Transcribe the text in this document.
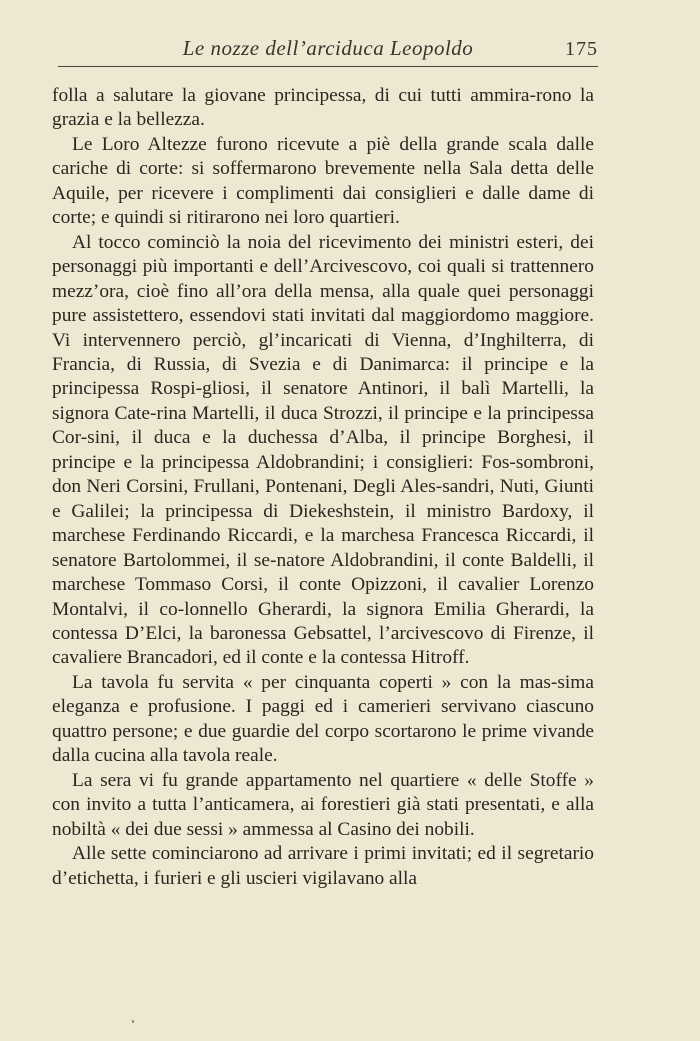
Le nozze dell’arciduca Leopoldo	175

folla a salutare la giovane principessa, di cui tutti ammira-rono la grazia e la bellezza.

Le Loro Altezze furono ricevute a piè della grande scala dalle cariche di corte: si soffermarono brevemente nella Sala detta delle Aquile, per ricevere i complimenti dai consiglieri e dalle dame di corte; e quindi si ritirarono nei loro quartieri.

Al tocco cominciò la noia del ricevimento dei ministri esteri, dei personaggi più importanti e dell’Arcivescovo, coi quali si trattennero mezz’ora, cioè fino all’ora della mensa, alla quale quei personaggi pure assistettero, essendovi stati invitati dal maggiordomo maggiore. Vi intervennero perciò, gl’incaricati di Vienna, d’Inghilterra, di Francia, di Russia, di Svezia e di Danimarca: il principe e la principessa Rospi-gliosi, il senatore Antinori, il balì Martelli, la signora Cate-rina Martelli, il duca Strozzi, il principe e la principessa Cor-sini, il duca e la duchessa d’Alba, il principe Borghesi, il principe e la principessa Aldobrandini; i consiglieri: Fos-sombroni, don Neri Corsini, Frullani, Pontenani, Degli Ales-sandri, Nuti, Giunti e Galilei; la principessa di Diekeshstein, il ministro Bardoxy, il marchese Ferdinando Riccardi, e la marchesa Francesca Riccardi, il senatore Bartolommei, il se-natore Aldobrandini, il conte Baldelli, il marchese Tommaso Corsi, il conte Opizzoni, il cavalier Lorenzo Montalvi, il co-lonnello Gherardi, la signora Emilia Gherardi, la contessa D’Elci, la baronessa Gebsattel, l’arcivescovo di Firenze, il cavaliere Brancadori, ed il conte e la contessa Hitroff.

La tavola fu servita « per cinquanta coperti » con la mas-sima eleganza e profusione. I paggi ed i camerieri servivano ciascuno quattro persone; e due guardie del corpo scortarono le prime vivande dalla cucina alla tavola reale.

La sera vi fu grande appartamento nel quartiere « delle Stoffe » con invito a tutta l’anticamera, ai forestieri già stati presentati, e alla nobiltà « dei due sessi » ammessa al Casino dei nobili.

Alle sette cominciarono ad arrivare i primi invitati; ed il segretario d’etichetta, i furieri e gli uscieri vigilavano alla
